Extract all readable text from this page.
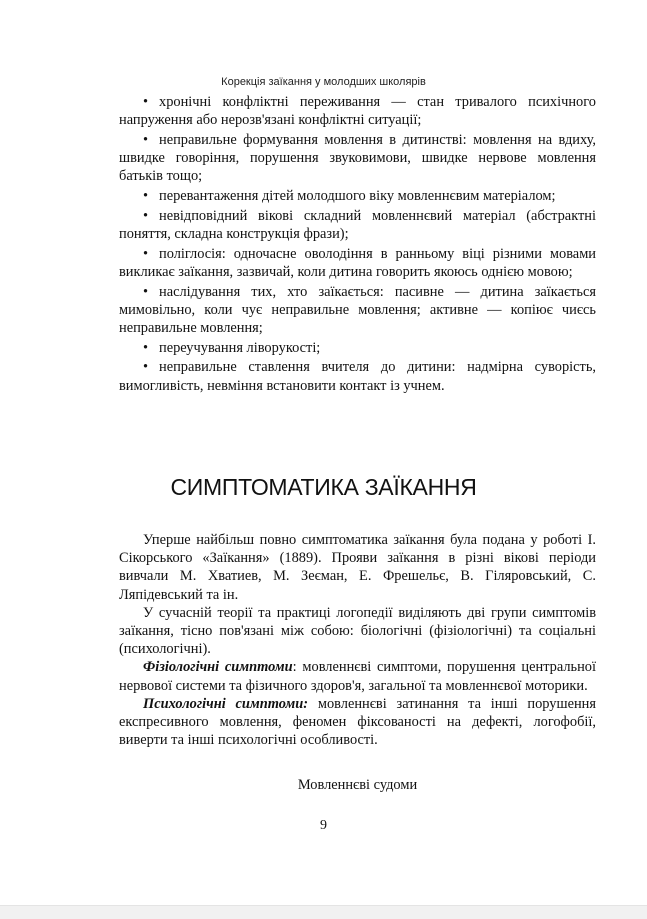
Корекція заїкання у молодших школярів
• хронічні конфліктні переживання — стан тривалого психічного напруження або нерозв'язані конфліктні ситуації;
• неправильне формування мовлення в дитинстві: мовлення на вдиху, швидке говоріння, порушення звуковимови, швидке нервове мовлення батьків тощо;
• перевантаження дітей молодшого віку мовленнєвим матеріалом;
• невідповідний вікові складний мовленнєвий матеріал (абстрактні поняття, складна конструкція фрази);
• поліглосія: одночасне оволодіння в ранньому віці різними мовами викликає заїкання, зазвичай, коли дитина говорить якоюсь однією мовою;
• наслідування тих, хто заїкається: пасивне — дитина заїкається мимовільно, коли чує неправильне мовлення; активне — копіює чиєсь неправильне мовлення;
• переучування ліворукості;
• неправильне ставлення вчителя до дитини: надмірна суворість, вимогливість, невміння встановити контакт із учнем.
СИМПТОМАТИКА ЗАЇКАННЯ

Уперше найбільш повно симптоматика заїкання була подана у роботі І. Сікорського «Заїкання» (1889). Прояви заїкання в різні вікові періоди вивчали М. Хватиев, М. Зеєман, Е. Фрешельє, В. Гіляровський, С. Ляпідевський та ін.

У сучасній теорії та практиці логопедії виділяють дві групи симптомів заїкання, тісно пов'язані між собою: біологічні (фізіологічні) та соціальні (психологічні).

Фізіологічні симптоми: мовленнєві симптоми, порушення центральної нервової системи та фізичного здоров'я, загальної та мовленнєвої моторики.

Психологічні симптоми: мовленнєві затинання та інші порушення експресивного мовлення, феномен фіксованості на дефекті, логофобії, виверти та інші психологічні особливості.

Мовленнєві судоми
9
